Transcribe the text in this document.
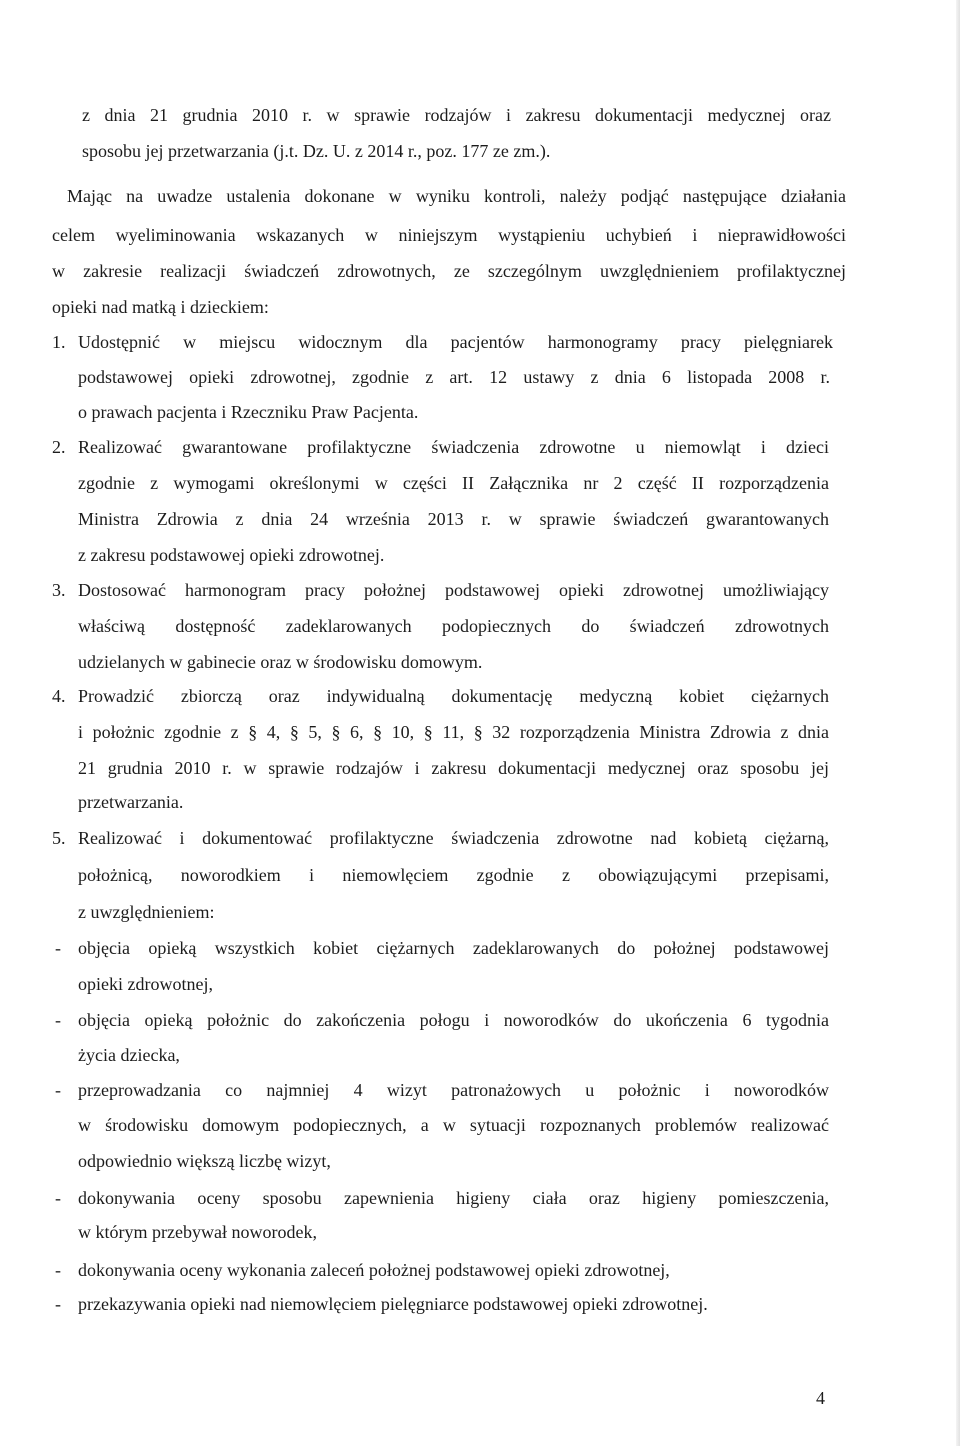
z dnia 21 grudnia 2010 r. w sprawie rodzajów i zakresu dokumentacji medycznej oraz
sposobu jej przetwarzania (j.t. Dz. U. z 2014 r., poz. 177 ze zm.).
Mając na uwadze ustalenia dokonane w wyniku kontroli, należy podjąć następujące działania
celem wyeliminowania wskazanych w niniejszym wystąpieniu uchybień i nieprawidłowości
w zakresie realizacji świadczeń zdrowotnych, ze szczególnym uwzględnieniem profilaktycznej
opieki nad matką i dzieckiem:
1. Udostępnić w miejscu widocznym dla pacjentów harmonogramy pracy pielęgniarek
podstawowej opieki zdrowotnej, zgodnie z art. 12 ustawy z dnia 6 listopada 2008 r.
o prawach pacjenta i Rzeczniku Praw Pacjenta.
2. Realizować gwarantowane profilaktyczne świadczenia zdrowotne u niemowląt i dzieci
zgodnie z wymogami określonymi w części II Załącznika nr 2 część II rozporządzenia
Ministra Zdrowia z dnia 24 września 2013 r. w sprawie świadczeń gwarantowanych
z zakresu podstawowej opieki zdrowotnej.
3. Dostosować harmonogram pracy położnej podstawowej opieki zdrowotnej umożliwiający
właściwą dostępność zadeklarowanych podopiecznych do świadczeń zdrowotnych
udzielanych w gabinecie oraz w środowisku domowym.
4. Prowadzić zbiorczą oraz indywidualną dokumentację medyczną kobiet ciężarnych
i położnic zgodnie z § 4, § 5, § 6, § 10, § 11, § 32 rozporządzenia Ministra Zdrowia z dnia
21 grudnia 2010 r. w sprawie rodzajów i zakresu dokumentacji medycznej oraz sposobu jej
przetwarzania.
5. Realizować i dokumentować profilaktyczne świadczenia zdrowotne nad kobietą ciężarną,
położnicą, noworodkiem i niemowlęciem zgodnie z obowiązującymi przepisami,
z uwzględnieniem:
- objęcia opieką wszystkich kobiet ciężarnych zadeklarowanych do położnej podstawowej
opieki zdrowotnej,
- objęcia opieką położnic do zakończenia połogu i noworodków do ukończenia 6 tygodnia
życia dziecka,
- przeprowadzania co najmniej 4 wizyt patronażowych u położnic i noworodków
w środowisku domowym podopiecznych, a w sytuacji rozpoznanych problemów realizować
odpowiednio większą liczbę wizyt,
- dokonywania oceny sposobu zapewnienia higieny ciała oraz higieny pomieszczenia,
w którym przebywał noworodek,
- dokonywania oceny wykonania zaleceń położnej podstawowej opieki zdrowotnej,
- przekazywania opieki nad niemowlęciem pielęgniarce podstawowej opieki zdrowotnej.
4
